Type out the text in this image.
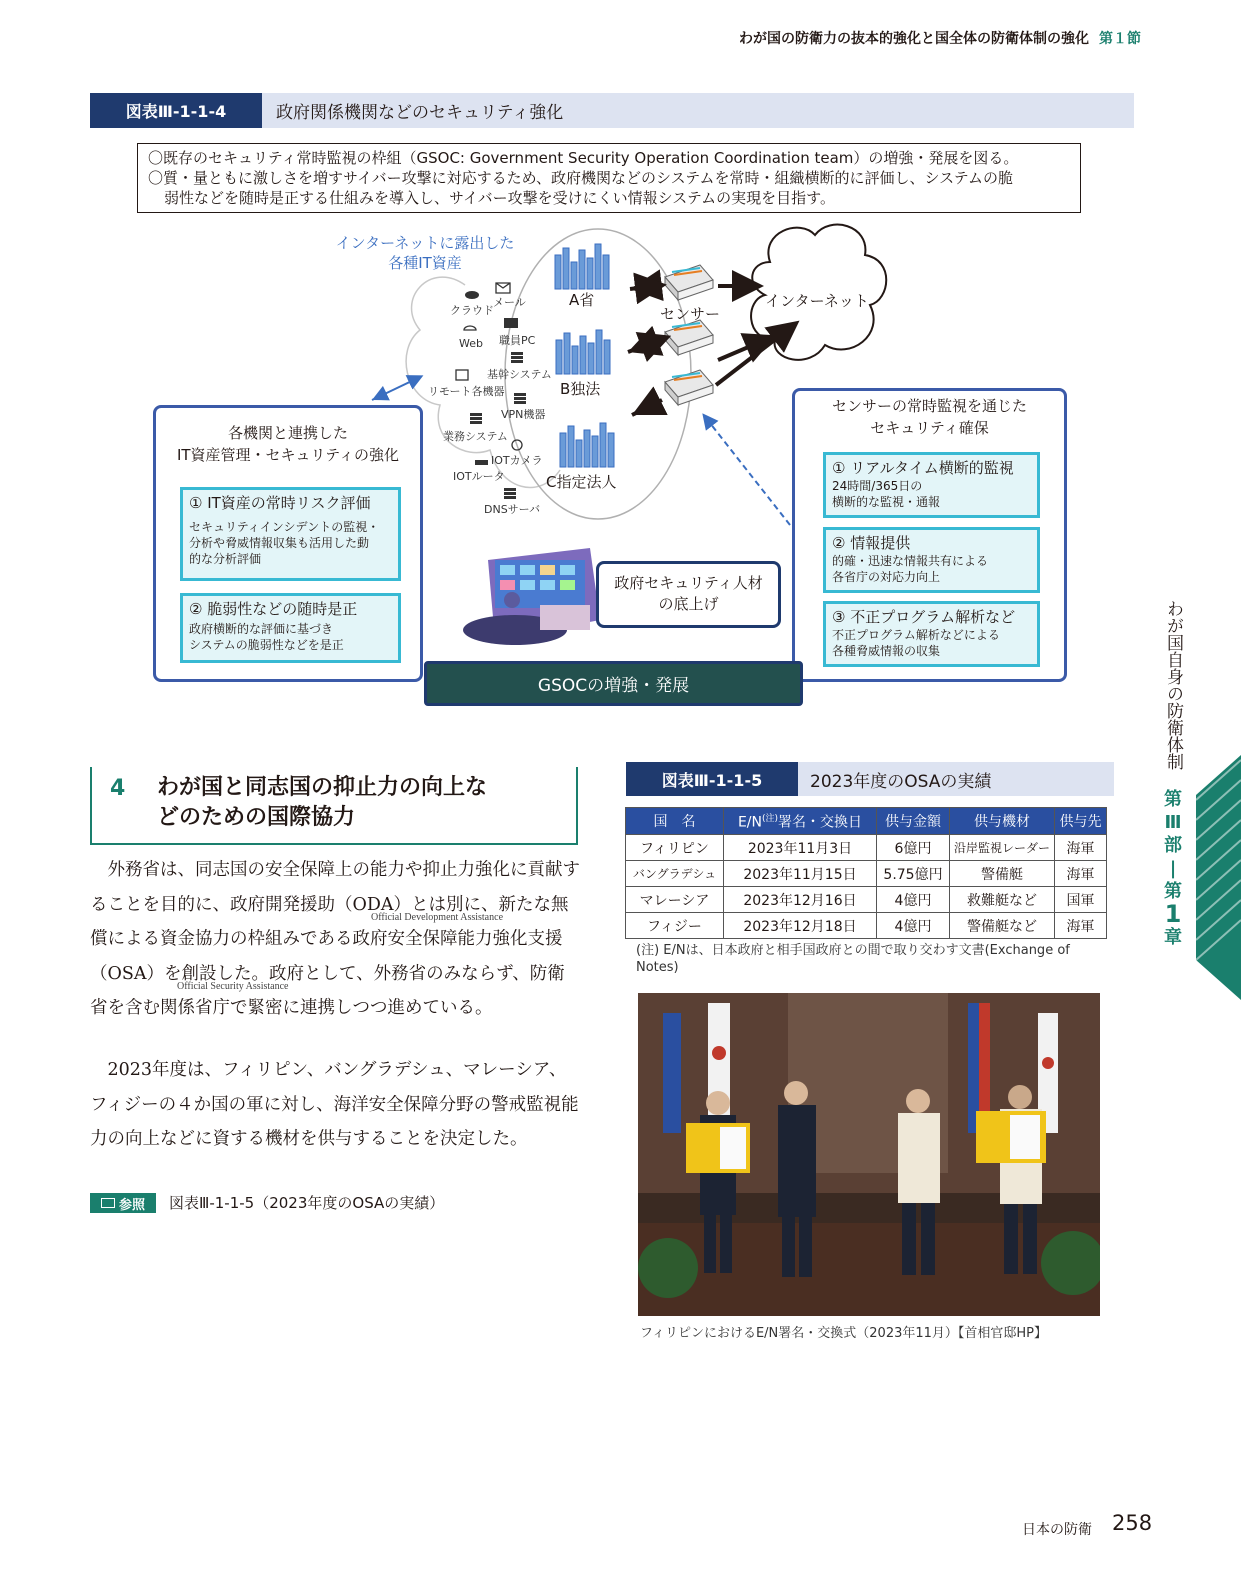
わが国の防衛力の抜本的強化と国全体の防衛体制の強化 第１節
図表Ⅲ-1-1-4	政府関係機関などのセキュリティ強化

〇既存のセキュリティ常時監視の枠組（GSOC: Government Security Operation Coordination team）の増強・発展を図る。

〇質・量ともに激しさを増すサイバー攻撃に対応するため、政府機関などのシステムを常時・組織横断的に評価し、システムの脆

弱性などを随時是正する仕組みを導入し、サイバー攻撃を受けにくい情報システムの実現を目指す。

インターネットに露出した
各種IT資産
メール
クラウド
職員PC
Web
基幹システム
リモート各機器
VPN機器
業務システム
IOTカメラ
IOTルータ
DNSサーバ
A省
B独法
C指定法人
センサー
インターネット
各機関と連携した
IT資産管理・セキュリティの強化
① IT資産の常時リスク評価
セキュリティインシデントの監視・
分析や脅威情報収集も活用した動
的な分析評価
② 脆弱性などの随時是正
政府横断的な評価に基づき
システムの脆弱性などを是正
センサーの常時監視を通じた
セキュリティ確保
① リアルタイム横断的監視
24時間/365日の
横断的な監視・通報
② 情報提供
的確・迅速な情報共有による
各省庁の対応力向上
③ 不正プログラム解析など
不正プログラム解析などによる
各種脅威情報の収集
政府セキュリティ人材
の底上げ
GSOCの増強・発展
4 わが国と同志国の抑止力の向上な
どのための国際協力

外務省は、同志国の安全保障上の能力や抑止力強化に貢献することを目的に、政府開発援助（ODA）とは別に、新たな無償による資金協力の枠組みである政府安全保障能力強化支援（OSA）を創設した。政府として、外務省のみならず、防衛省を含む関係省庁で緊密に連携しつつ進めている。

Official Development Assistance
Official Security Assistance

2023年度は、フィリピン、バングラデシュ、マレーシア、フィジーの４か国の軍に対し、海洋安全保障分野の警戒監視能力の向上などに資する機材を供与することを決定した。

参照 図表Ⅲ-1-1-5（2023年度のOSAの実績）
図表Ⅲ-1-1-5	2023年度のOSAの実績
国　名	$E/N^{(注)}$署名・交換日	供与金額	供与機材	供与先
フィリピン	2023年11月3日	6億円	沿岸監視レーダー	海軍
バングラデシュ	2023年11月15日	5.75億円	警備艇	海軍
マレーシア	2023年12月16日	4億円	救難艇など	国軍
フィジー	2023年12月18日	4億円	警備艇など	海軍
(注) E/Nは、日本政府と相手国政府との間で取り交わす文書(Exchange of Notes)
フィリピンにおけるE/N署名・交換式（2023年11月）【首相官邸HP】
わが国自身の防衛体制
第
Ⅲ
部
|
第
1
章
日本の防衛 258
